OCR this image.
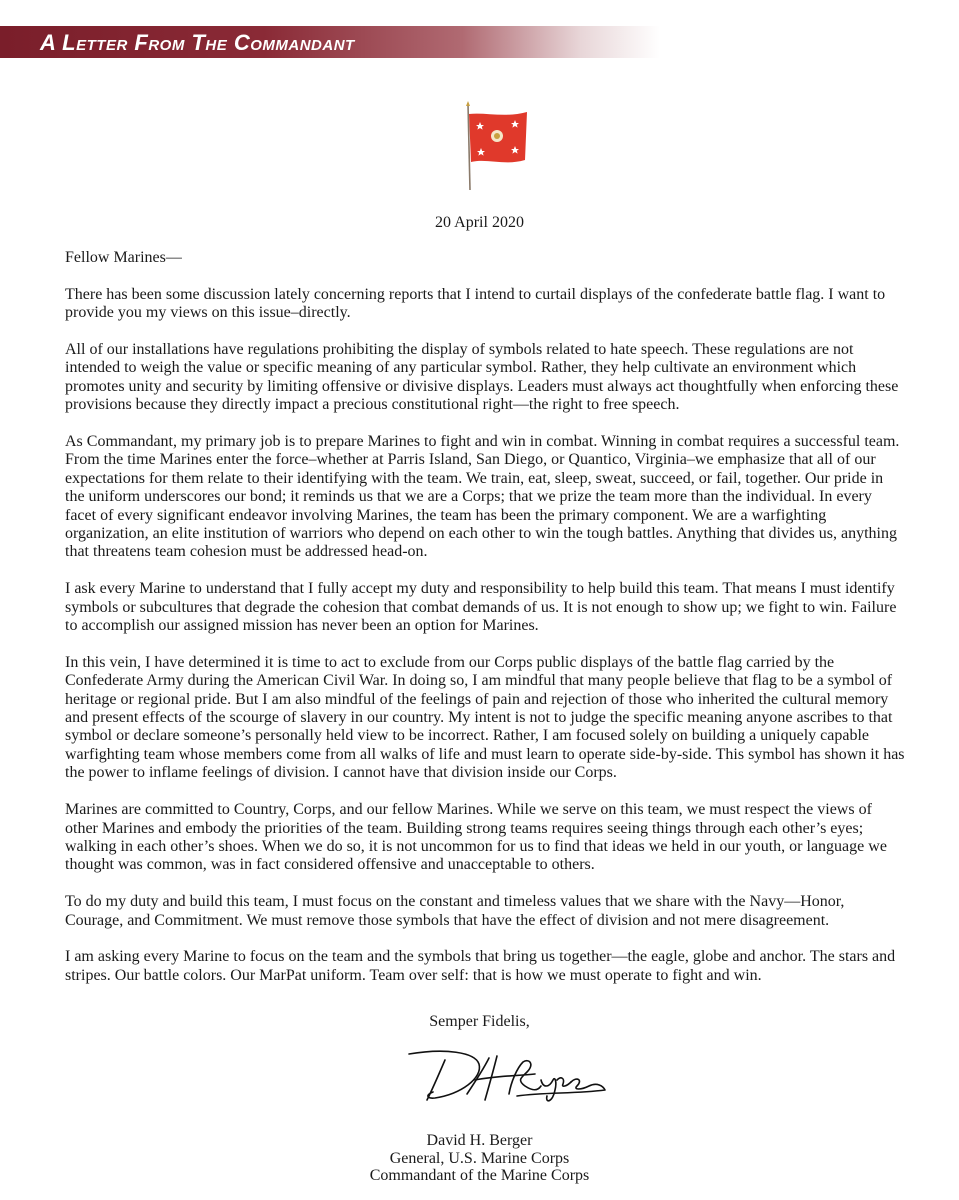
A Letter From The Commandant
20 April 2020

Fellow Marines—

There has been some discussion lately concerning reports that I intend to curtail displays of the confederate battle flag. I want to provide you my views on this issue–directly.

All of our installations have regulations prohibiting the display of symbols related to hate speech. These regulations are not intended to weigh the value or specific meaning of any particular symbol. Rather, they help cultivate an environment which promotes unity and security by limiting offensive or divisive displays. Leaders must always act thoughtfully when enforcing these provisions because they directly impact a precious constitutional right—the right to free speech.

As Commandant, my primary job is to prepare Marines to fight and win in combat. Winning in combat requires a successful team. From the time Marines enter the force–whether at Parris Island, San Diego, or Quantico, Virginia–we emphasize that all of our expectations for them relate to their identifying with the team. We train, eat, sleep, sweat, succeed, or fail, together. Our pride in the uniform underscores our bond; it reminds us that we are a Corps; that we prize the team more than the individual. In every facet of every significant endeavor involving Marines, the team has been the primary component. We are a warfighting organization, an elite institution of warriors who depend on each other to win the tough battles. Anything that divides us, anything that threatens team cohesion must be addressed head-on.

I ask every Marine to understand that I fully accept my duty and responsibility to help build this team. That means I must identify symbols or subcultures that degrade the cohesion that combat demands of us. It is not enough to show up; we fight to win. Failure to accomplish our assigned mission has never been an option for Marines.

In this vein, I have determined it is time to act to exclude from our Corps public displays of the battle flag carried by the Confederate Army during the American Civil War. In doing so, I am mindful that many people believe that flag to be a symbol of heritage or regional pride. But I am also mindful of the feelings of pain and rejection of those who inherited the cultural memory and present effects of the scourge of slavery in our country. My intent is not to judge the specific meaning anyone ascribes to that symbol or declare someone’s personally held view to be incorrect. Rather, I am focused solely on building a uniquely capable warfighting team whose members come from all walks of life and must learn to operate side-by-side. This symbol has shown it has the power to inflame feelings of division. I cannot have that division inside our Corps.

Marines are committed to Country, Corps, and our fellow Marines. While we serve on this team, we must respect the views of other Marines and embody the priorities of the team. Building strong teams requires seeing things through each other’s eyes; walking in each other’s shoes. When we do so, it is not uncommon for us to find that ideas we held in our youth, or language we thought was common, was in fact considered offensive and unacceptable to others.

To do my duty and build this team, I must focus on the constant and timeless values that we share with the Navy—Honor, Courage, and Commitment. We must remove those symbols that have the effect of division and not mere disagreement.

I am asking every Marine to focus on the team and the symbols that bring us together—the eagle, globe and anchor. The stars and stripes. Our battle colors. Our MarPat uniform. Team over self: that is how we must operate to fight and win.

Semper Fidelis,
David H. Berger
General, U.S. Marine Corps
Commandant of the Marine Corps
